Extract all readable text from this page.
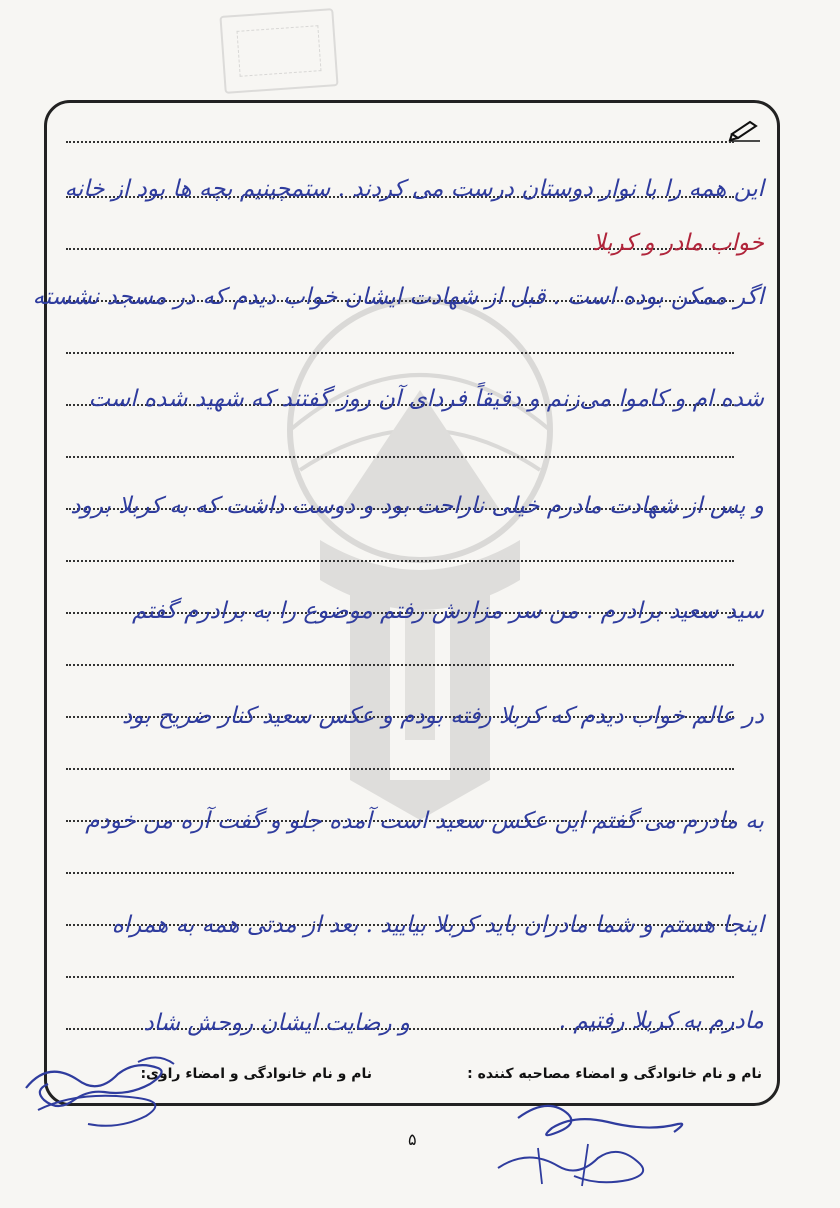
این همه را با نوار دوستان درست می کردند . ستمچینیم بچه ها بود از خانه
خواب مادر و کربلا
اگر ممکن بوده است . قبل از شهادت ایشان خواب دیدم که در مسجد نشسته
شده ام و کاموا می‌زنم و دقیقاً فردای آن روز گفتند که شهید شده است
و پس از شهادت مادرم خیلی ناراحت بود و دوست داشت که به کربلا برود
سید سعید برادرم . من سر مزارش رفتم موضوع را به برادرم گفتم
در عالم خواب دیدم که کربلا رفته بودم و عکس سعید کنار ضریح بود
به مادرم می گفتم این عکس سعید است آمده جلو و گفت آره من خودم
اینجا هستم و شما مادران باید کربلا بیایید . بعد از مدتی همه به همراه
مادرم به کربلا رفتیم .
و رضایت ایشان روحش شاد
نام و نام خانوادگی و امضاء مصاحبه کننده :
نام و نام خانوادگی و امضاء راوی:
۵
